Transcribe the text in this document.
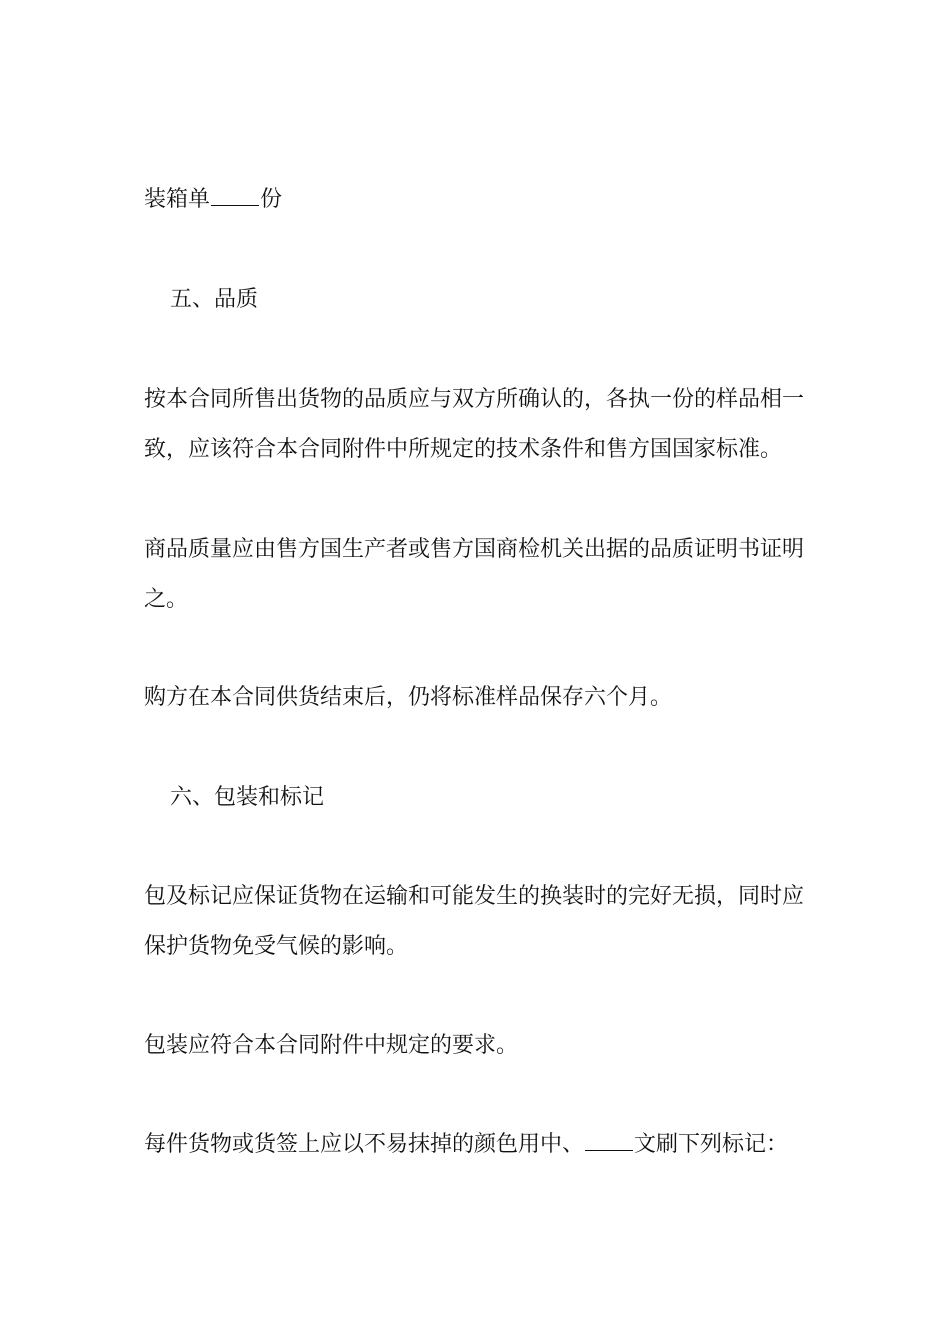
装箱单 份

五、品质

按本合同所售出货物的品质应与双方所确认的，各执一份的样品相一致，应该符合本合同附件中所规定的技术条件和售方国国家标准。

商品质量应由售方国生产者或售方国商检机关出据的品质证明书证明之。

购方在本合同供货结束后，仍将标准样品保存六个月。

六、包装和标记

包及标记应保证货物在运输和可能发生的换装时的完好无损，同时应保护货物免受气候的影响。

包装应符合本合同附件中规定的要求。

每件货物或货签上应以不易抹掉的颜色用中、 文刷下列标记：
